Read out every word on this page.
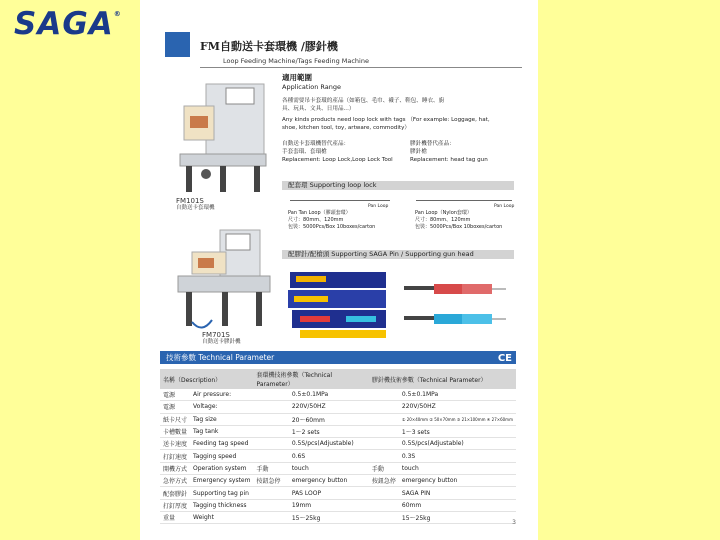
SAGA®
FM自動送卡套環機 /膠針機
Loop Feeding Machine/Tags Feeding Machine
FM101S
自動送卡套環機
FM701S
自動送卡膠針機
適用範圍
Application Range
各種需要吊卡套環的產品（如箱包、毛巾、襪子、鞋包、睡衣、廚
具、玩具、文具、日用品...）
Any kinds products need loop lock with tags （For example: Loggage, hat,
shoe, kitchen tool, toy, artware, commodity）
自動送卡套環機替代產品：
手套套環、套環槍
Replacement: Loop Lock,Loop Lock Tool
膠針機替代產品：
膠針槍
Replacement: head tag gun
配套環 Supporting loop lock
Pan Loop	Pan Loop
Pan Tan Loop（膠頭套環）
尺寸：80mm、120mm
包裝：5000Pcs/Box 10boxes/carton
Pan Loop（Nylon套環）
尺寸：80mm、120mm
包裝：5000Pcs/Box 10boxes/carton
配膠針/配槍頭 Supporting SAGA Pin / Supporting gun head
技術參數 Technical Parameter	CE
名稱（Description）		套環機技術參數（Technical Parameter）		膠針機技術參數（Technical Parameter）	
電源	Air pressure:		0.5±0.1MPa		0.5±0.1MPa
電源	Voltage:		220V/50HZ		220V/50HZ
紙卡尺寸	Tag size		20～60mm		① 20×40mm ② 50×70mm ③ 21×100mm ④ 27×60mm
卡槽數量	Tag tank		1～2 sets		1～3 sets
送卡速度	Feeding tag speed		0.5S/pcs(Adjustable)		0.5S/pcs(Adjustable)
打釘速度	Tagging speed		0.6S		0.3S
開機方式	Operation system	手動	touch	手動	touch
急停方式	Emergency system	按鈕急停	emergency button	按鈕急停	emergency button
配套膠針	Supporting tag pin		PAS LOOP		SAGA PIN
打釘厚度	Tagging thickness		19mm		60mm
重量	Weight		15～25kg		15～25kg
3
